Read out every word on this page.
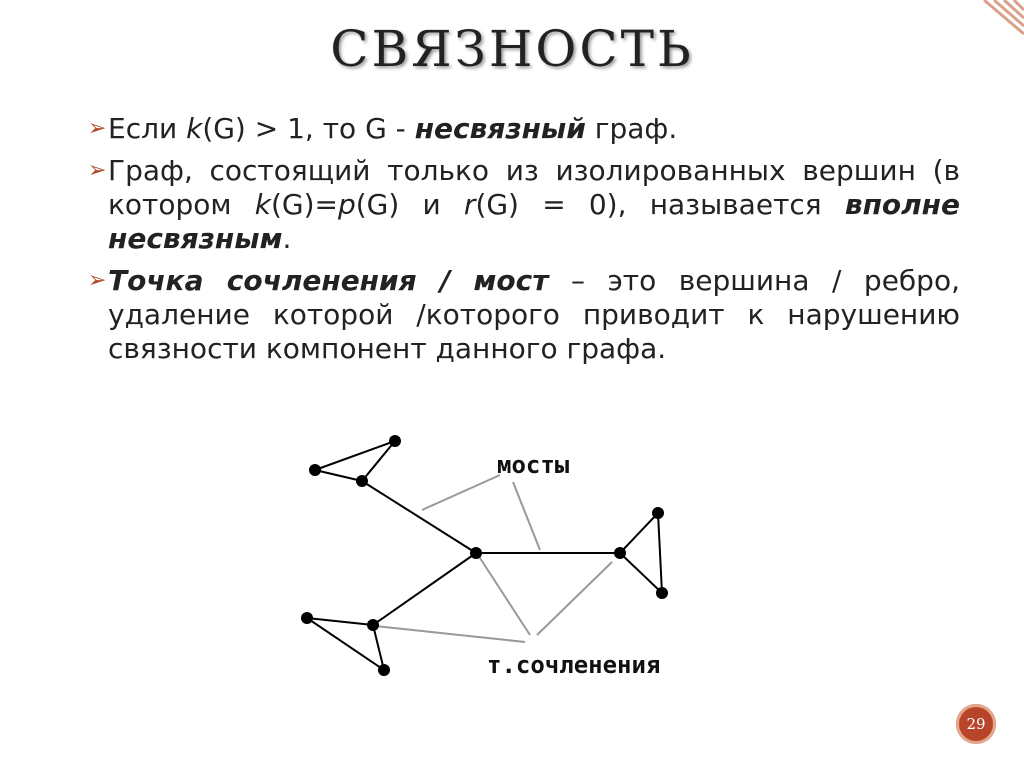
СВЯЗНОСТЬ
➢ Если k(G) > 1, то G - несвязный граф.
➢ Граф, состоящий только из изолированных вершин (в котором k(G)=p(G) и r(G) = 0), называется вполне несвязным.
➢ Точка сочленения / мост – это вершина / ребро, удаление которой /которого приводит к нарушению связности компонент данного графа.
мосты
т.сочленения
29
